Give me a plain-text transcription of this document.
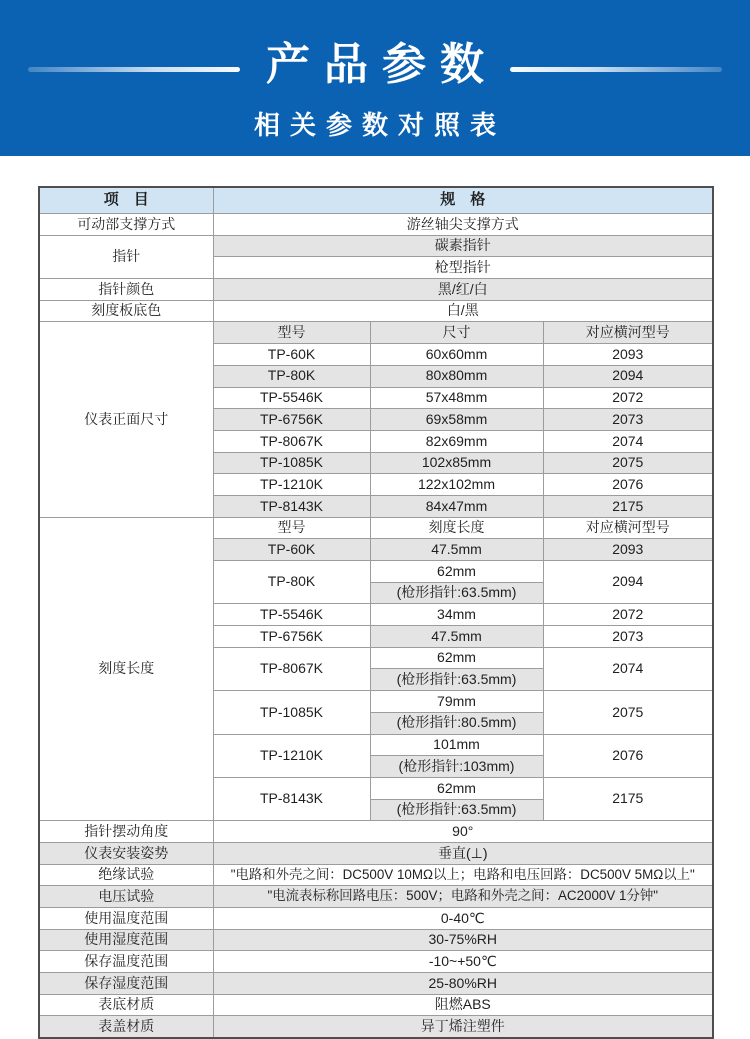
产品参数
相关参数对照表
项　目	规　格		
可动部支撑方式	游丝轴尖支撑方式		
指针	碳素指针		
	枪型指针		
指针颜色	黑/红/白		
刻度板底色	白/黑		
仪表正面尺寸	型号	尺寸	对应横河型号
	TP-60K	60x60mm	2093
	TP-80K	80x80mm	2094
	TP-5546K	57x48mm	2072
	TP-6756K	69x58mm	2073
	TP-8067K	82x69mm	2074
	TP-1085K	102x85mm	2075
	TP-1210K	122x102mm	2076
	TP-8143K	84x47mm	2175
刻度长度	型号	刻度长度	对应横河型号
	TP-60K	47.5mm	2093
	TP-80K	62mm	2094
		(枪形指针:63.5mm)	
	TP-5546K	34mm	2072
	TP-6756K	47.5mm	2073
	TP-8067K	62mm	2074
		(枪形指针:63.5mm)	
	TP-1085K	79mm	2075
		(枪形指针:80.5mm)	
	TP-1210K	101mm	2076
		(枪形指针:103mm)	
	TP-8143K	62mm	2175
		(枪形指针:63.5mm)	
指针摆动角度	90°		
仪表安装姿势	垂直(⊥)		
绝缘试验	"电路和外壳之间：DC500V 10MΩ以上；电路和电压回路：DC500V 5MΩ以上"		
电压试验	"电流表标称回路电压：500V；电路和外壳之间：AC2000V 1分钟"		
使用温度范围	0-40℃		
使用湿度范围	30-75%RH		
保存温度范围	-10~+50℃		
保存湿度范围	25-80%RH		
表底材质	阻燃ABS		
表盖材质	异丁烯注塑件		
